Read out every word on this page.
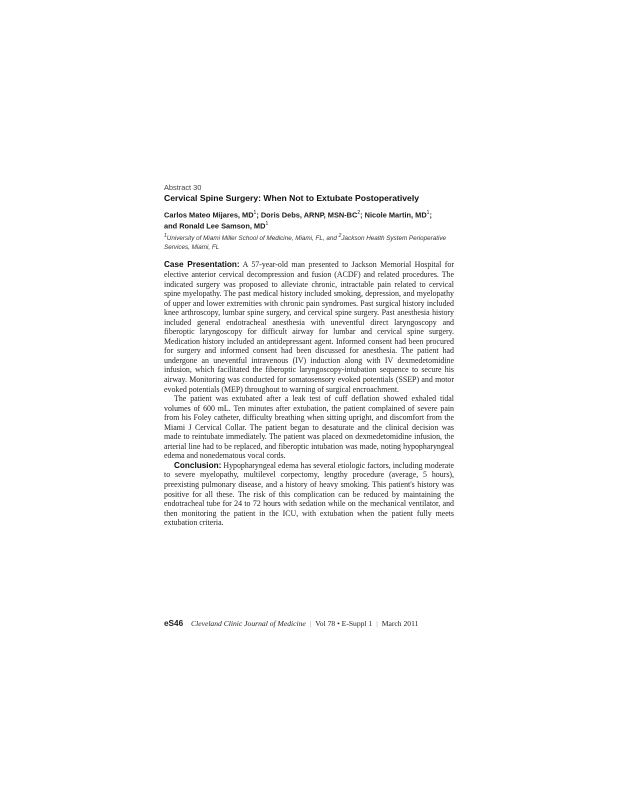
Abstract 30
Cervical Spine Surgery: When Not to Extubate Postoperatively
Carlos Mateo Mijares, $MD^1$; Doris Debs, ARNP, MSN-$BC^2$; Nicole Martin, $MD^1$;
and Ronald Lee Samson, $MD^1$
$^1$University of Miami Miller School of Medicine, Miami, FL, and $^2$Jackson Health System Perioperative Services, Miami, FL

Case Presentation: A 57-year-old man presented to Jackson Memorial Hospital for elective anterior cervical decompression and fusion (ACDF) and related procedures. The indicated surgery was proposed to alleviate chronic, intractable pain related to cervical spine myelopathy. The past medical history included smoking, depression, and myelopathy of upper and lower extremities with chronic pain syndromes. Past surgical history included knee arthroscopy, lumbar spine surgery, and cervical spine surgery. Past anesthesia history included general endotracheal anesthesia with uneventful direct laryngoscopy and fiberoptic laryngoscopy for difficult airway for lumbar and cervical spine surgery. Medication history included an antidepressant agent. Informed consent had been procured for surgery and informed consent had been discussed for anesthesia. The patient had undergone an uneventful intravenous (IV) induction along with IV dexmedetomidine infusion, which facilitated the fiberoptic laryngoscopy-intubation sequence to secure his airway. Monitoring was conducted for somatosensory evoked potentials (SSEP) and motor evoked potentials (MEP) throughout to warning of surgical encroachment.

The patient was extubated after a leak test of cuff deflation showed exhaled tidal volumes of 600 mL. Ten minutes after extubation, the patient complained of severe pain from his Foley catheter, difficulty breathing when sitting upright, and discomfort from the Miami J Cervical Collar. The patient began to desaturate and the clinical decision was made to reintubate immediately. The patient was placed on dexmedetomidine infusion, the arterial line had to be replaced, and fiberoptic intubation was made, noting hypopharyngeal edema and nonedematous vocal cords.

Conclusion: Hypopharyngeal edema has several etiologic factors, including moderate to severe myelopathy, multilevel corpectomy, lengthy procedure (average, 5 hours), preexisting pulmonary disease, and a history of heavy smoking. This patient's history was positive for all these. The risk of this complication can be reduced by maintaining the endotracheal tube for 24 to 72 hours with sedation while on the mechanical ventilator, and then monitoring the patient in the ICU, with extubation when the patient fully meets extubation criteria.

eS46 Cleveland Clinic Journal of Medicine | Vol 78 • E-Suppl 1 | March 2011
